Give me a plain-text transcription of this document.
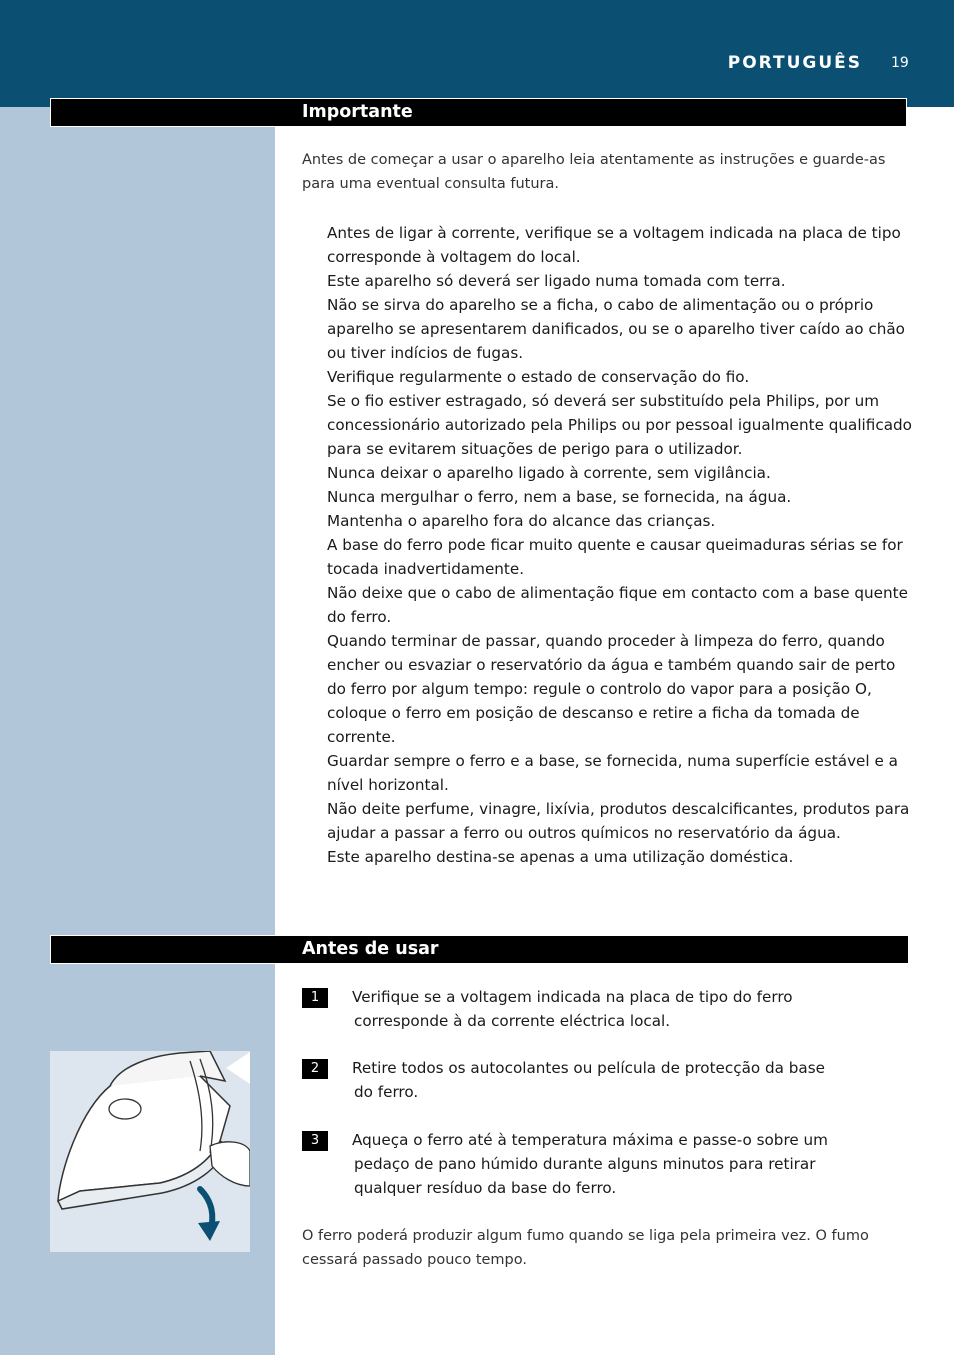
PORTUGUÊS 19
Importante
Antes de começar a usar o aparelho leia atentamente as instruções e guarde-as para uma eventual consulta futura.

Antes de ligar à corrente, verifique se a voltagem indicada na placa de tipo corresponde à voltagem do local.

Este aparelho só deverá ser ligado numa tomada com terra.

Não se sirva do aparelho se a ficha, o cabo de alimentação ou o próprio aparelho se apresentarem danificados, ou se o aparelho tiver caído ao chão ou tiver indícios de fugas.

Verifique regularmente o estado de conservação do fio.

Se o fio estiver estragado, só deverá ser substituído pela Philips, por um concessionário autorizado pela Philips ou por pessoal igualmente qualificado para se evitarem situações de perigo para o utilizador.

Nunca deixar o aparelho ligado à corrente, sem vigilância.

Nunca mergulhar o ferro, nem a base, se fornecida, na água.

Mantenha o aparelho fora do alcance das crianças.

A base do ferro pode ficar muito quente e causar queimaduras sérias se for tocada inadvertidamente.

Não deixe que o cabo de alimentação fique em contacto com a base quente do ferro.

Quando terminar de passar, quando proceder à limpeza do ferro, quando encher ou esvaziar o reservatório da água e também quando sair de perto do ferro por algum tempo: regule o controlo do vapor para a posição O, coloque o ferro em posição de descanso e retire a ficha da tomada de corrente.

Guardar sempre o ferro e a base, se fornecida, numa superfície estável e a nível horizontal.

Não deite perfume, vinagre, lixívia, produtos descalcificantes, produtos para ajudar a passar a ferro ou outros químicos no reservatório da água.

Este aparelho destina-se apenas a uma utilização doméstica.

Antes de usar
1	Verifique se a voltagem indicada na placa de tipo do ferro
corresponde à da corrente eléctrica local.
2	Retire todos os autocolantes ou película de protecção da base
do ferro.
3	Aqueça o ferro até à temperatura máxima e passe-o sobre um
pedaço de pano húmido durante alguns minutos para retirar
qualquer resíduo da base do ferro.
O ferro poderá produzir algum fumo quando se liga pela primeira vez. O fumo cessará passado pouco tempo.
